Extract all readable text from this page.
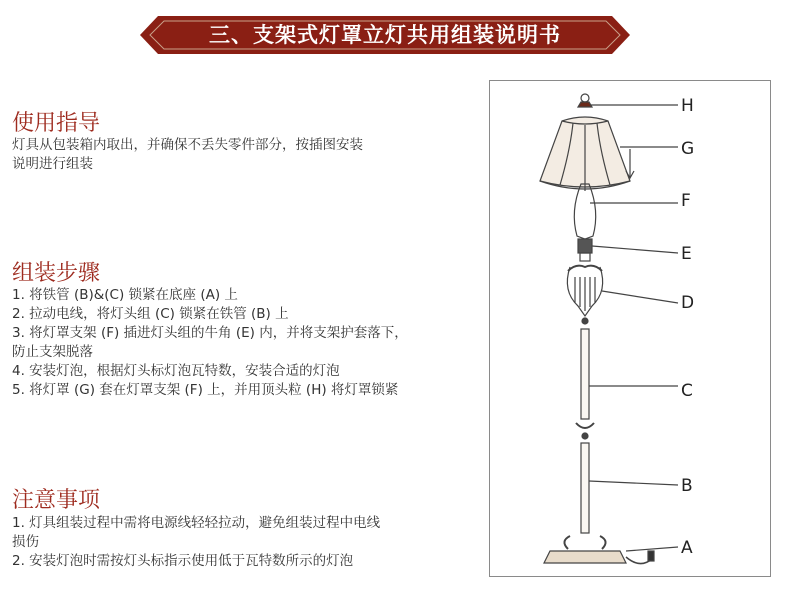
三、支架式灯罩立灯共用组装说明书
使用指导
灯具从包装箱内取出，并确保不丢失零件部分，按插图安装
说明进行组装
组装步骤
1. 将铁管 (B)&(C) 锁紧在底座 (A) 上
2. 拉动电线，将灯头组 (C) 锁紧在铁管 (B) 上
3. 将灯罩支架 (F) 插进灯头组的牛角 (E) 内，并将支架护套落下，
防止支架脱落
4. 安装灯泡，根据灯头标灯泡瓦特数，安装合适的灯泡
5. 将灯罩 (G) 套在灯罩支架 (F) 上，并用顶头粒 (H) 将灯罩锁紧
注意事项
1. 灯具组装过程中需将电源线轻轻拉动，避免组装过程中电线
损伤
2. 安装灯泡时需按灯头标指示使用低于瓦特数所示的灯泡
H
G
F
E
D
C
B
A
